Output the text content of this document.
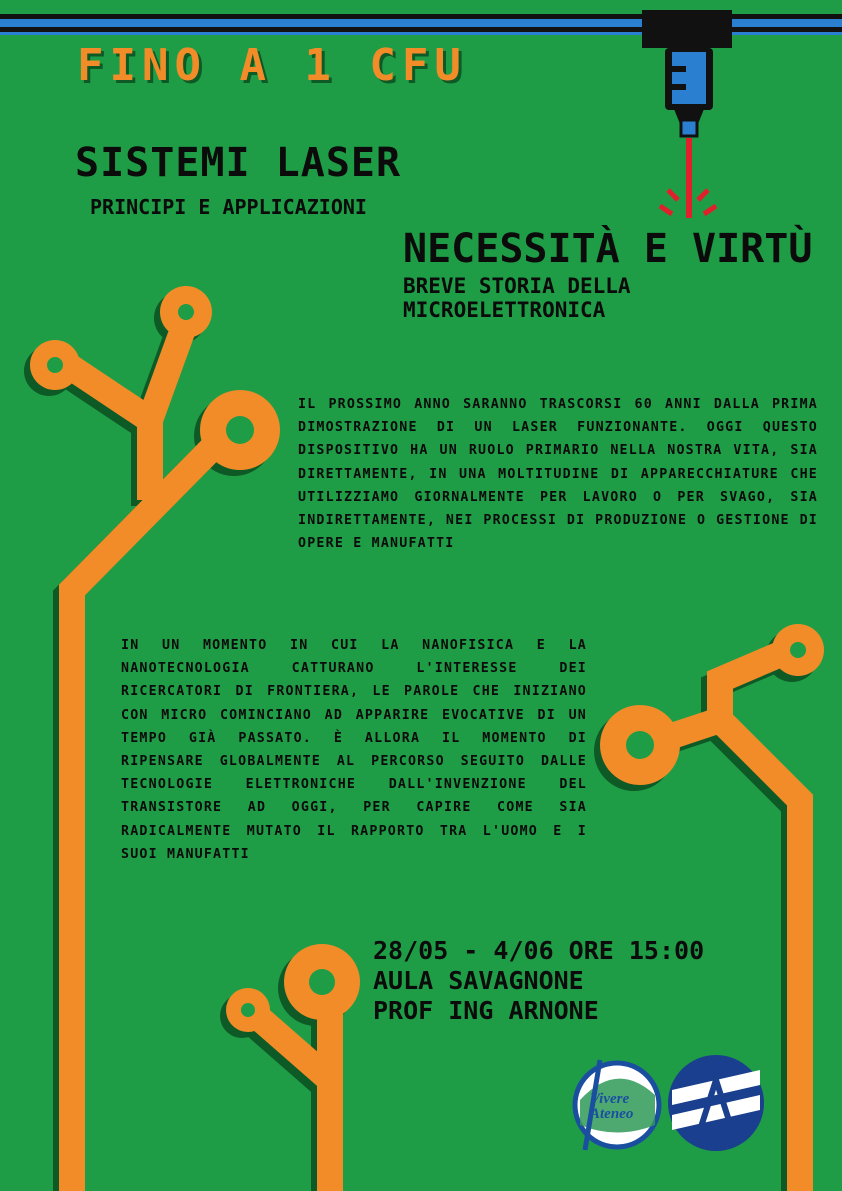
FINO A 1 CFU
SISTEMI LASER
PRINCIPI E APPLICAZIONI
NECESSITÀ E VIRTÙ
BREVE STORIA DELLA MICROELETTRONICA
IL PROSSIMO ANNO SARANNO TRASCORSI 60 ANNI DALLA PRIMA DIMOSTRAZIONE DI UN LASER FUNZIONANTE. OGGI QUESTO DISPOSITIVO HA UN RUOLO PRIMARIO NELLA NOSTRA VITA, SIA DIRETTAMENTE, IN UNA MOLTITUDINE DI APPARECCHIATURE CHE UTILIZZIAMO GIORNALMENTE PER LAVORO O PER SVAGO, SIA INDIRETTAMENTE, NEI PROCESSI DI PRODUZIONE O GESTIONE DI OPERE E MANUFATTI
IN UN MOMENTO IN CUI LA NANOFISICA E LA NANOTECNOLOGIA CATTURANO L'INTERESSE DEI RICERCATORI DI FRONTIERA, LE PAROLE CHE INIZIANO CON MICRO COMINCIANO AD APPARIRE EVOCATIVE DI UN TEMPO GIÀ PASSATO. È ALLORA IL MOMENTO DI RIPENSARE GLOBALMENTE AL PERCORSO SEGUITO DALLE TECNOLOGIE ELETTRONICHE DALL'INVENZIONE DEL TRANSISTORE AD OGGI, PER CAPIRE COME SIA RADICALMENTE MUTATO IL RAPPORTO TRA L'UOMO E I SUOI MANUFATTI
28/05 - 4/06 ORE 15:00
AULA SAVAGNONE
PROF ING ARNONE
Vivere Ateneo
